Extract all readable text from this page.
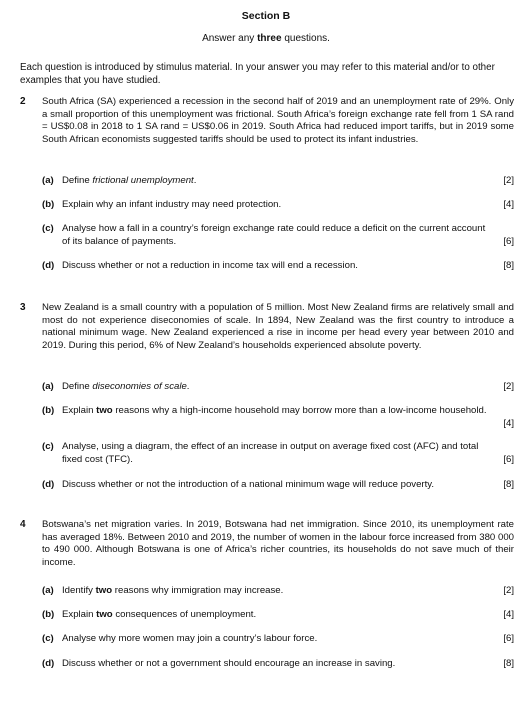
Section B
Answer any three questions.
Each question is introduced by stimulus material. In your answer you may refer to this material and/or to other examples that you have studied.
2 South Africa (SA) experienced a recession in the second half of 2019 and an unemployment rate of 29%. Only a small proportion of this unemployment was frictional. South Africa’s foreign exchange rate fell from 1 SA rand = US$0.08 in 2018 to 1 SA rand = US$0.06 in 2019. South Africa had reduced import tariffs, but in 2019 some South African economists suggested tariffs should be used to protect its infant industries.
(a) Define frictional unemployment.	[2]
(b) Explain why an infant industry may need protection.	[4]
(c) Analyse how a fall in a country’s foreign exchange rate could reduce a deficit on the current account of its balance of payments.	[6]
(d) Discuss whether or not a reduction in income tax will end a recession.	[8]
3 New Zealand is a small country with a population of 5 million. Most New Zealand firms are relatively small and most do not experience diseconomies of scale. In 1894, New Zealand was the first country to introduce a national minimum wage. New Zealand experienced a rise in income per head every year between 2010 and 2019. During this period, 6% of New Zealand’s households experienced absolute poverty.
(a) Define diseconomies of scale.	[2]
(b) Explain two reasons why a high-income household may borrow more than a low-income household.
[4]
(c) Analyse, using a diagram, the effect of an increase in output on average fixed cost (AFC) and total fixed cost (TFC).	[6]
(d) Discuss whether or not the introduction of a national minimum wage will reduce poverty.	[8]
4 Botswana’s net migration varies. In 2019, Botswana had net immigration. Since 2010, its unemployment rate has averaged 18%. Between 2010 and 2019, the number of women in the labour force increased from 380 000 to 490 000. Although Botswana is one of Africa’s richer countries, its households do not save much of their income.
(a) Identify two reasons why immigration may increase.	[2]
(b) Explain two consequences of unemployment.	[4]
(c) Analyse why more women may join a country’s labour force.	[6]
(d) Discuss whether or not a government should encourage an increase in saving.	[8]
